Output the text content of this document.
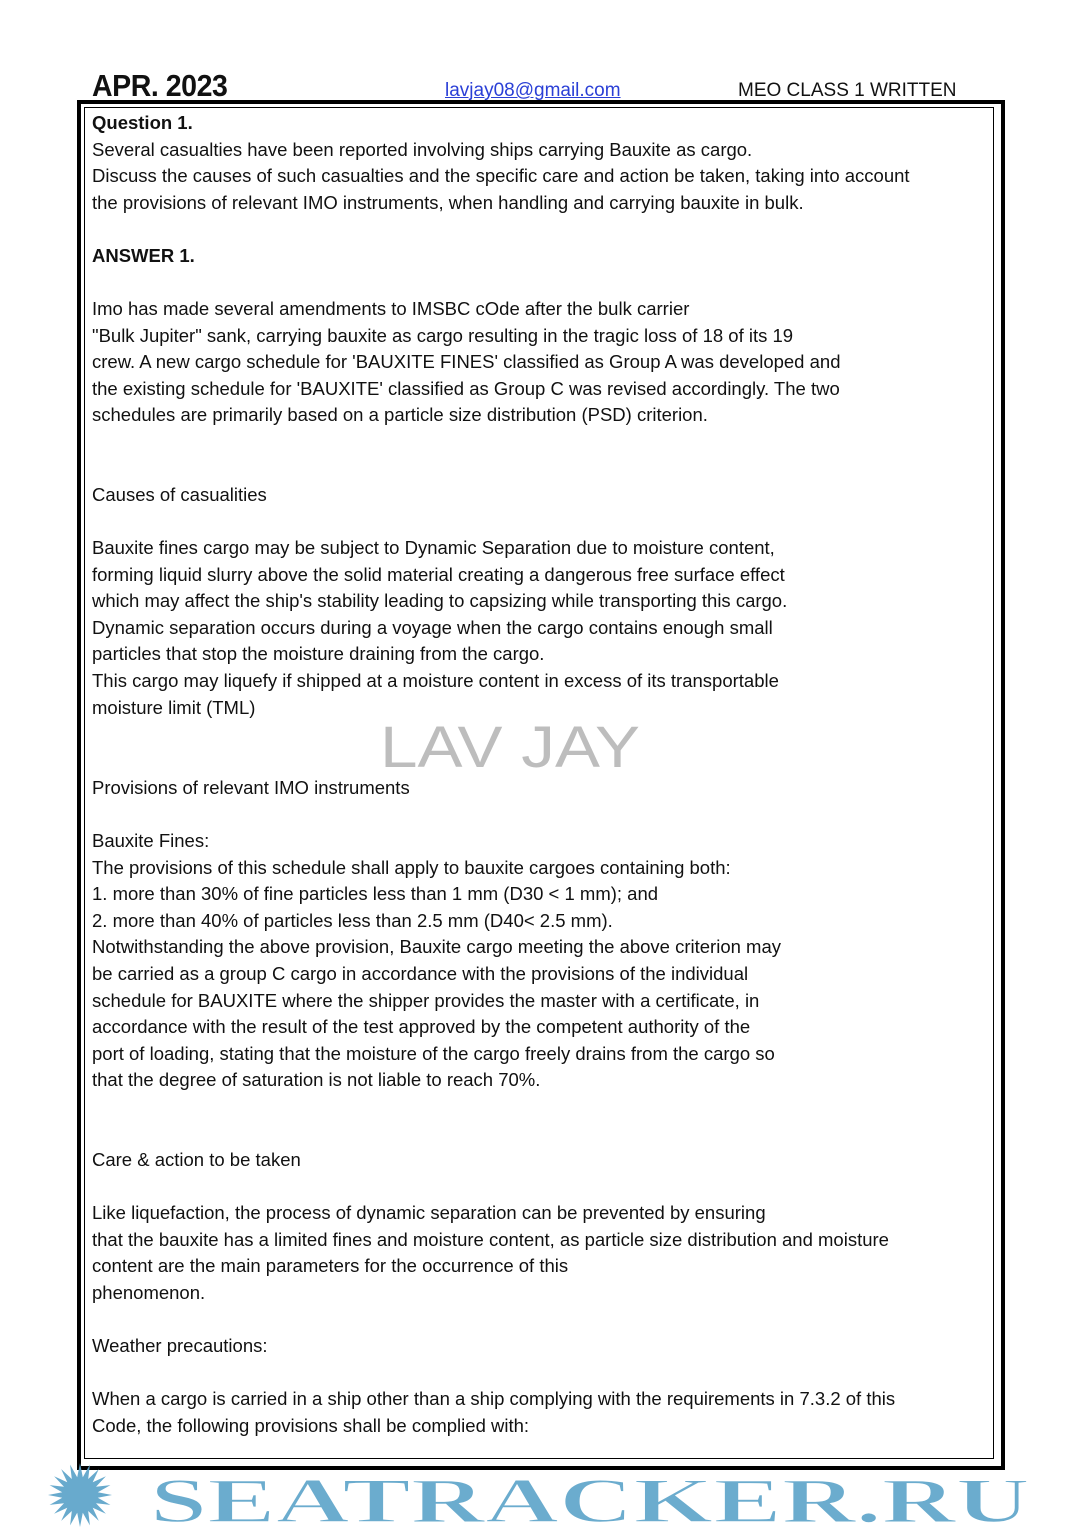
APR. 2023	lavjay08@gmail.com	MEO CLASS 1 WRITTEN
Question 1.
Several casualties have been reported involving ships carrying Bauxite as cargo.
Discuss the causes of such casualties and the specific care and action be taken, taking into account
the provisions of relevant IMO instruments, when handling and carrying bauxite in bulk.
ANSWER 1.
Imo has made several amendments to IMSBC cOde after the bulk carrier
"Bulk Jupiter" sank, carrying bauxite as cargo resulting in the tragic loss of 18 of its 19
crew. A new cargo schedule for 'BAUXITE FINES' classified as Group A was developed and
the existing schedule for 'BAUXITE' classified as Group C was revised accordingly. The two
schedules are primarily based on a particle size distribution (PSD) criterion.
Causes of casualities
Bauxite fines cargo may be subject to Dynamic Separation due to moisture content,
forming liquid slurry above the solid material creating a dangerous free surface effect
which may affect the ship's stability leading to capsizing while transporting this cargo.
Dynamic separation occurs during a voyage when the cargo contains enough small
particles that stop the moisture draining from the cargo.
This cargo may liquefy if shipped at a moisture content in excess of its transportable
moisture limit (TML)
Provisions of relevant IMO instruments
Bauxite Fines:
The provisions of this schedule shall apply to bauxite cargoes containing both:
1. more than 30% of fine particles less than 1 mm (D30 < 1 mm); and
2. more than 40% of particles less than 2.5 mm (D40< 2.5 mm).
Notwithstanding the above provision, Bauxite cargo meeting the above criterion may
be carried as a group C cargo in accordance with the provisions of the individual
schedule for BAUXITE where the shipper provides the master with a certificate, in
accordance with the result of the test approved by the competent authority of the
port of loading, stating that the moisture of the cargo freely drains from the cargo so
that the degree of saturation is not liable to reach 70%.
Care & action to be taken
Like liquefaction, the process of dynamic separation can be prevented by ensuring
that the bauxite has a limited fines and moisture content, as particle size distribution and moisture
content are the main parameters for the occurrence of this
phenomenon.
Weather precautions:
When a cargo is carried in a ship other than a ship complying with the requirements in 7.3.2 of this
Code, the following provisions shall be complied with:
LAV JAY
SEATRACKER.RU
